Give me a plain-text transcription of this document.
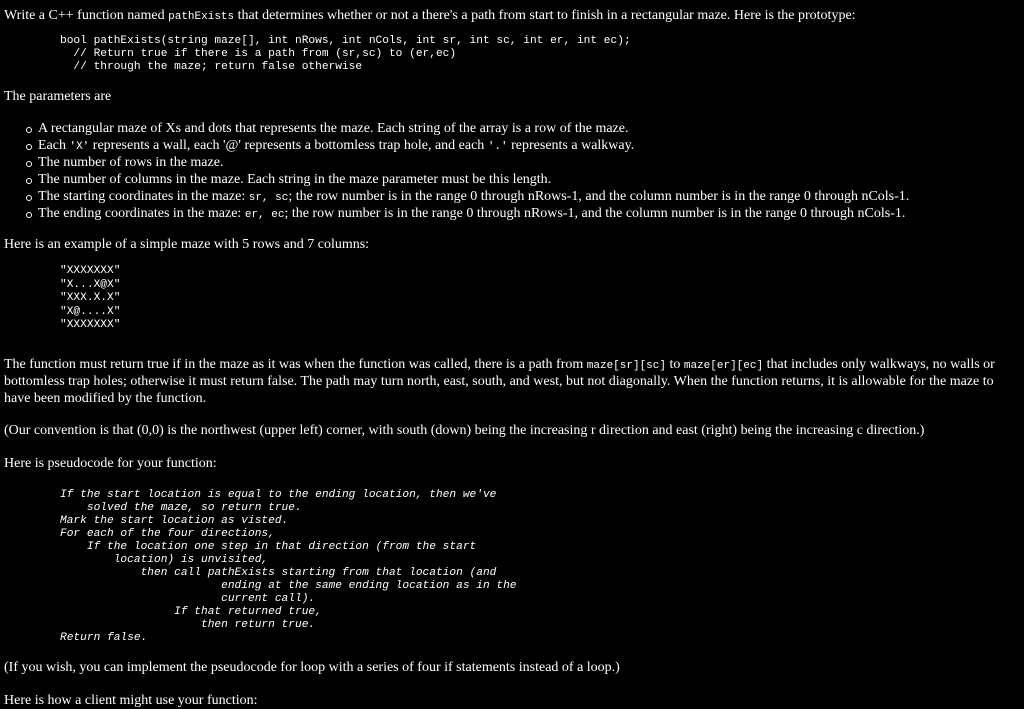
Write a C++ function named pathExists that determines whether or not a there's a path from start to finish in a rectangular maze. Here is the prototype:

bool pathExists(string maze[], int nRows, int nCols, int sr, int sc, int er, int ec);
// Return true if there is a path from (sr,sc) to (er,ec)
// through the maze; return false otherwise

The parameters are

A rectangular maze of Xs and dots that represents the maze. Each string of the array is a row of the maze.
Each 'X' represents a wall, each '@' represents a bottomless trap hole, and each '.' represents a walkway.
The number of rows in the maze.
The number of columns in the maze. Each string in the maze parameter must be this length.
The starting coordinates in the maze: sr, sc; the row number is in the range 0 through nRows-1, and the column number is in the range 0 through nCols-1.
The ending coordinates in the maze: er, ec; the row number is in the range 0 through nRows-1, and the column number is in the range 0 through nCols-1.

Here is an example of a simple maze with 5 rows and 7 columns:

"XXXXXXX"
"X...X@X"
"XXX.X.X"
"X@....X"
"XXXXXXX"

The function must return true if in the maze as it was when the function was called, there is a path from maze[sr][sc] to maze[er][ec] that includes only walkways, no walls or bottomless trap holes; otherwise it must return false. The path may turn north, east, south, and west, but not diagonally. When the function returns, it is allowable for the maze to have been modified by the function.

(Our convention is that (0,0) is the northwest (upper left) corner, with south (down) being the increasing r direction and east (right) being the increasing c direction.)

Here is pseudocode for your function:

If the start location is equal to the ending location, then we've
solved the maze, so return true.
Mark the start location as visted.
For each of the four directions,
If the location one step in that direction (from the start
location) is unvisited,
then call pathExists starting from that location (and
ending at the same ending location as in the
current call).
If that returned true,
then return true.
Return false.

(If you wish, you can implement the pseudocode for loop with a series of four if statements instead of a loop.)

Here is how a client might use your function:
